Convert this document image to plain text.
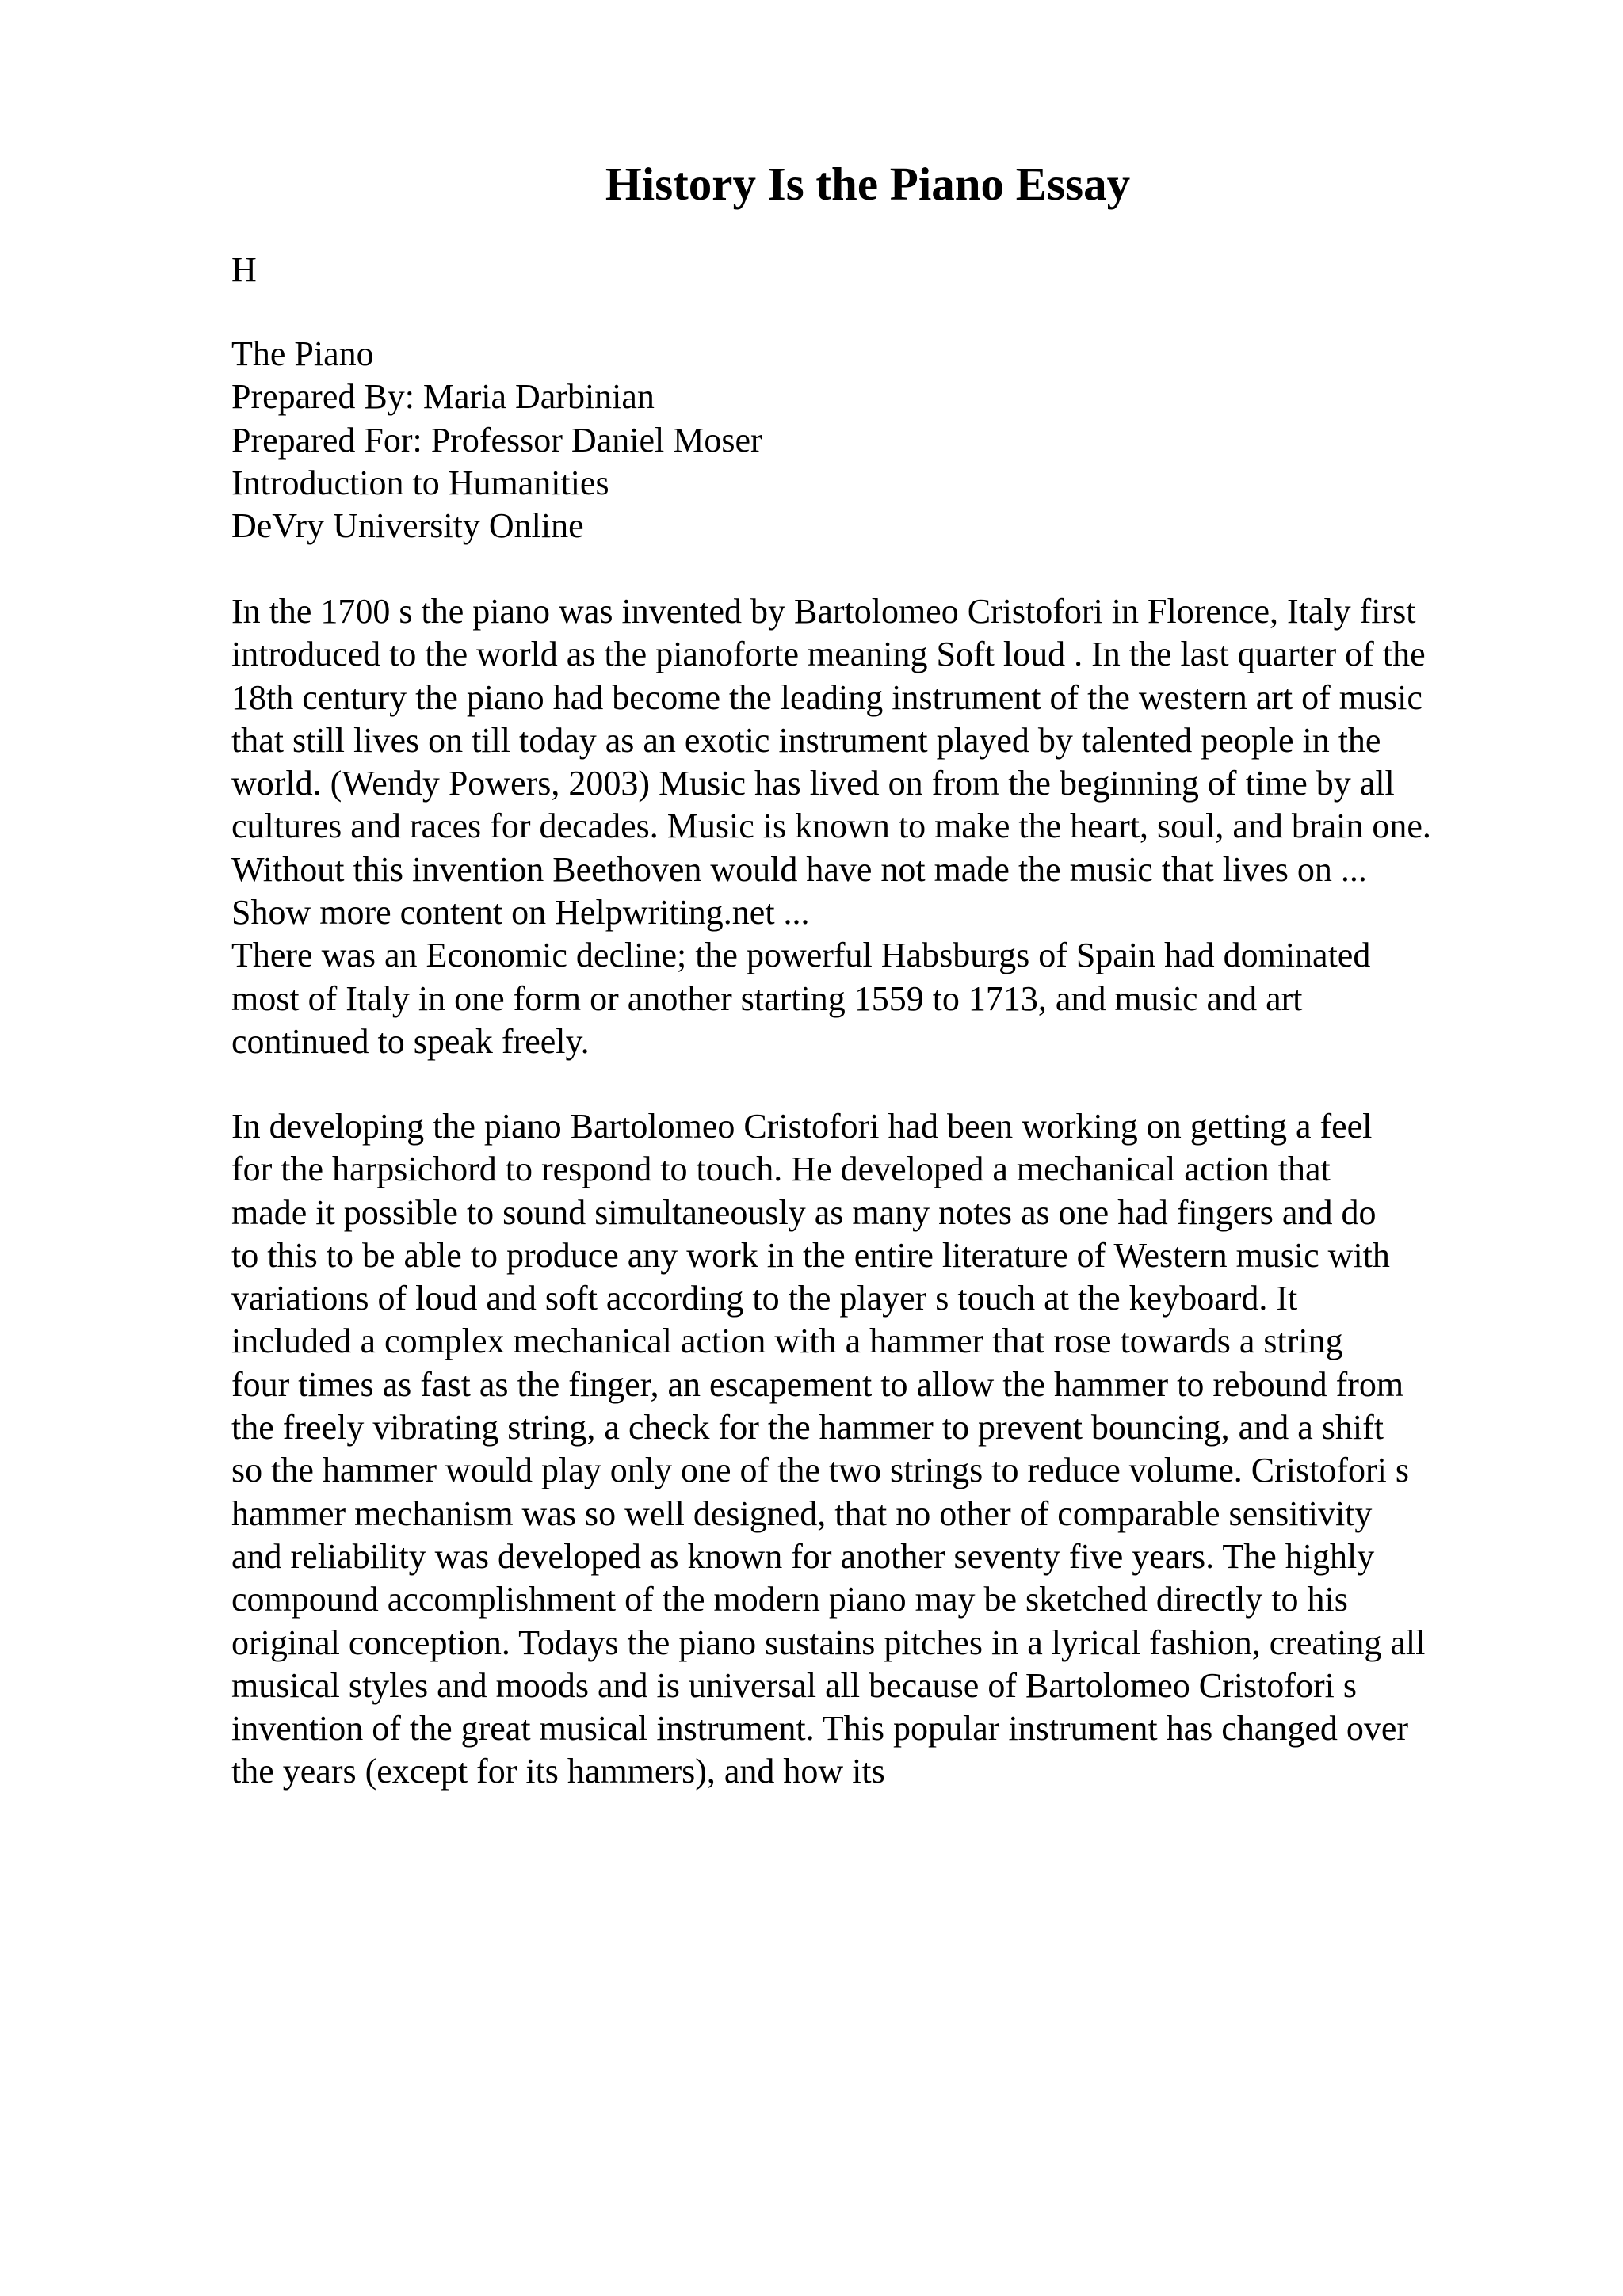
History Is the Piano Essay
H
The Piano
Prepared By: Maria Darbinian
Prepared For: Professor Daniel Moser
Introduction to Humanities
DeVry University Online
In the 1700 s the piano was invented by Bartolomeo Cristofori in Florence, Italy first
introduced to the world as the pianoforte meaning Soft loud . In the last quarter of the
18th century the piano had become the leading instrument of the western art of music
that still lives on till today as an exotic instrument played by talented people in the
world. (Wendy Powers, 2003) Music has lived on from the beginning of time by all
cultures and races for decades. Music is known to make the heart, soul, and brain one.
Without this invention Beethoven would have not made the music that lives on ...
Show more content on Helpwriting.net ...
There was an Economic decline; the powerful Habsburgs of Spain had dominated
most of Italy in one form or another starting 1559 to 1713, and music and art
continued to speak freely.
In developing the piano Bartolomeo Cristofori had been working on getting a feel
for the harpsichord to respond to touch. He developed a mechanical action that
made it possible to sound simultaneously as many notes as one had fingers and do
to this to be able to produce any work in the entire literature of Western music with
variations of loud and soft according to the player s touch at the keyboard. It
included a complex mechanical action with a hammer that rose towards a string
four times as fast as the finger, an escapement to allow the hammer to rebound from
the freely vibrating string, a check for the hammer to prevent bouncing, and a shift
so the hammer would play only one of the two strings to reduce volume. Cristofori s
hammer mechanism was so well designed, that no other of comparable sensitivity
and reliability was developed as known for another seventy five years. The highly
compound accomplishment of the modern piano may be sketched directly to his
original conception. Todays the piano sustains pitches in a lyrical fashion, creating all
musical styles and moods and is universal all because of Bartolomeo Cristofori s
invention of the great musical instrument. This popular instrument has changed over
the years (except for its hammers), and how its
